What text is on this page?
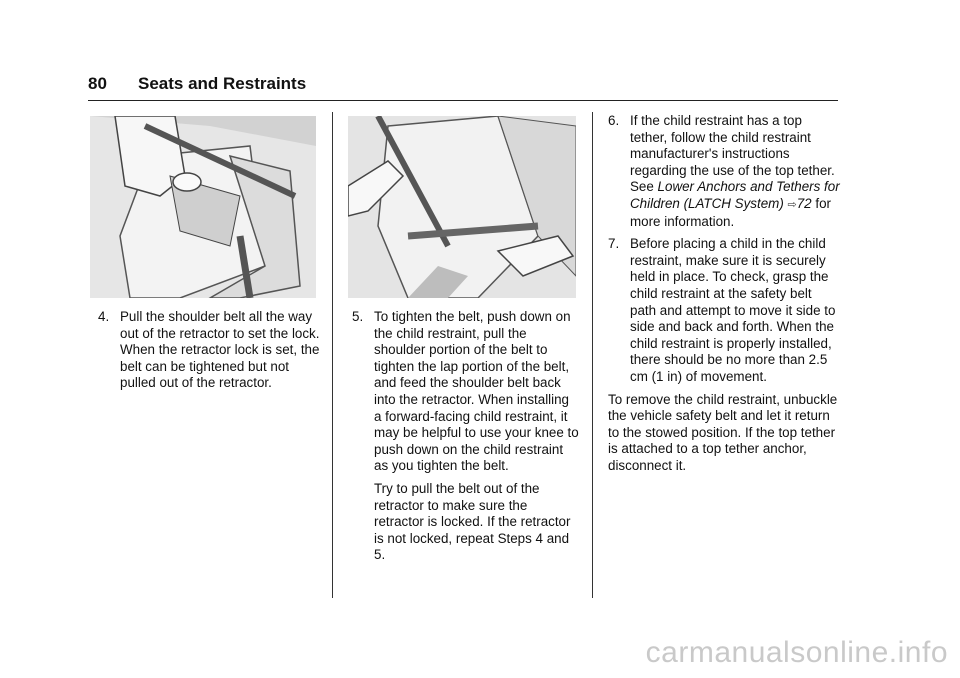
80 Seats and Restraints
4. Pull the shoulder belt all the way out of the retractor to set the lock. When the retractor lock is set, the belt can be tightened but not pulled out of the retractor.

5. To tighten the belt, push down on the child restraint, pull the shoulder portion of the belt to tighten the lap portion of the belt, and feed the shoulder belt back into the retractor. When installing a forward-facing child restraint, it may be helpful to use your knee to push down on the child restraint as you tighten the belt.

Try to pull the belt out of the retractor to make sure the retractor is locked. If the retractor is not locked, repeat Steps 4 and 5.

6. If the child restraint has a top tether, follow the child restraint manufacturer's instructions regarding the use of the top tether. See Lower Anchors and Tethers for Children (LATCH System) ⇨72 for more information.

7. Before placing a child in the child restraint, make sure it is securely held in place. To check, grasp the child restraint at the safety belt path and attempt to move it side to side and back and forth. When the child restraint is properly installed, there should be no more than 2.5 cm (1 in) of movement.

To remove the child restraint, unbuckle the vehicle safety belt and let it return to the stowed position. If the top tether is attached to a top tether anchor, disconnect it.

carmanualsonline.info
